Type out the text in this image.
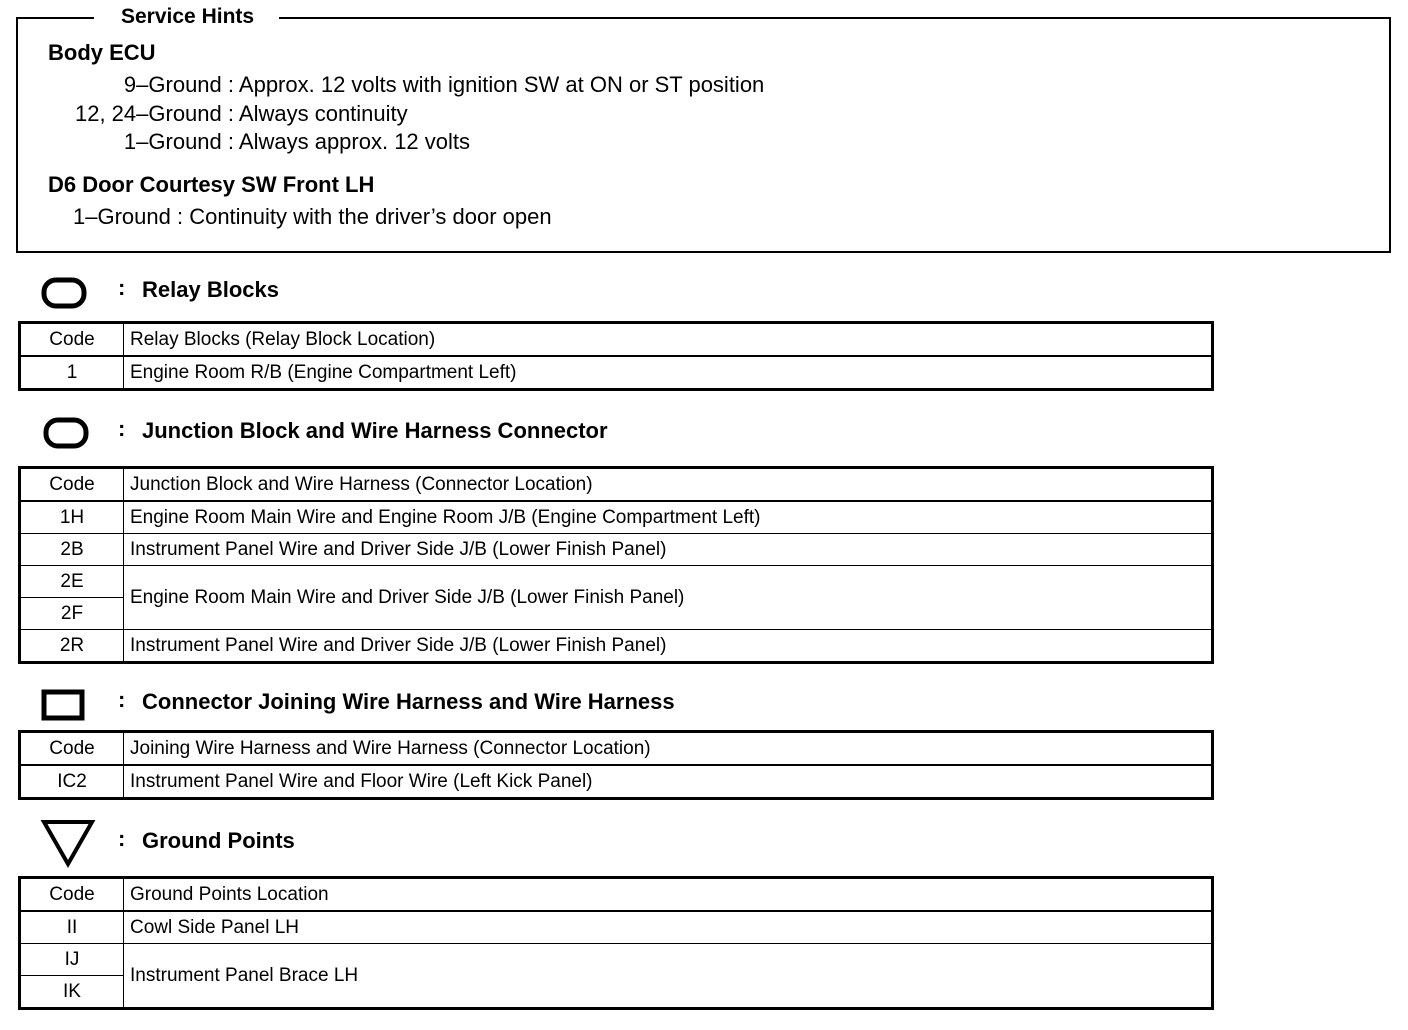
Service Hints
Body ECU
9–Ground : Approx. 12 volts with ignition SW at ON or ST position
12, 24–Ground : Always continuity
1–Ground : Always approx. 12 volts
D6 Door Courtesy SW Front LH
1–Ground : Continuity with the driver’s door open
: Relay Blocks
Code	Relay Blocks (Relay Block Location)
1	Engine Room R/B (Engine Compartment Left)
: Junction Block and Wire Harness Connector
Code	Junction Block and Wire Harness (Connector Location)
1H	Engine Room Main Wire and Engine Room J/B (Engine Compartment Left)
2B	Instrument Panel Wire and Driver Side J/B (Lower Finish Panel)
2E	Engine Room Main Wire and Driver Side J/B (Lower Finish Panel)
2F	
2R	Instrument Panel Wire and Driver Side J/B (Lower Finish Panel)
: Connector Joining Wire Harness and Wire Harness
Code	Joining Wire Harness and Wire Harness (Connector Location)
IC2	Instrument Panel Wire and Floor Wire (Left Kick Panel)
: Ground Points
Code	Ground Points Location
II	Cowl Side Panel LH
IJ	Instrument Panel Brace LH
IK	
